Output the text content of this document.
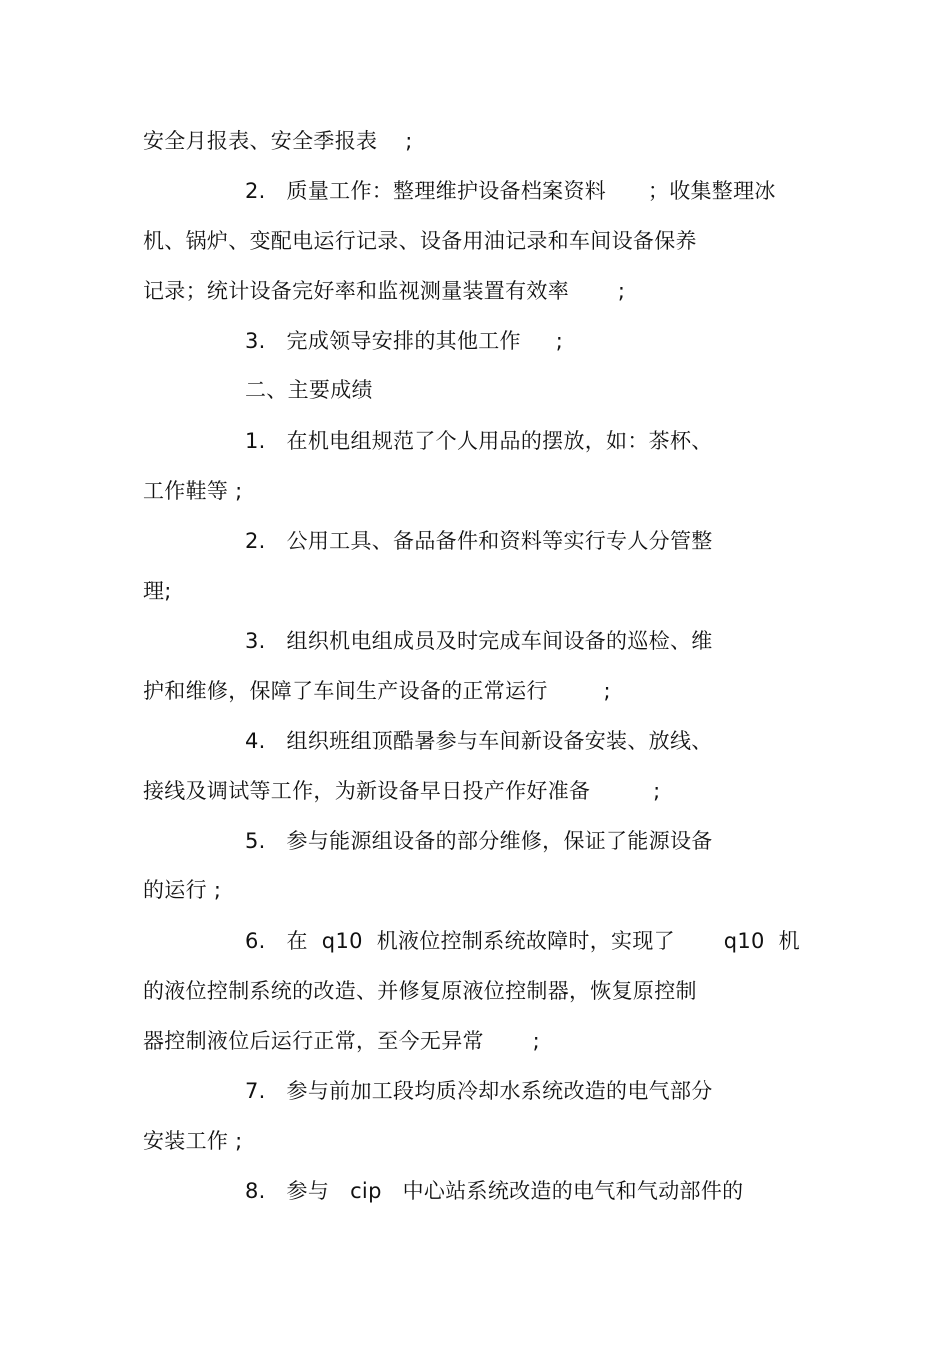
安全月报表、安全季报表    ;
2.   质量工作：整理维护设备档案资料      ；收集整理冰
机、锅炉、变配电运行记录、设备用油记录和车间设备保养
记录；统计设备完好率和监视测量装置有效率       ;
3.   完成领导安排的其他工作     ;
二、主要成绩
1.   在机电组规范了个人用品的摆放，如：茶杯、
工作鞋等 ;
2.   公用工具、备品备件和资料等实行专人分管整
理;
3.   组织机电组成员及时完成车间设备的巡检、维
护和维修，保障了车间生产设备的正常运行        ;
4.   组织班组顶酷暑参与车间新设备安装、放线、
接线及调试等工作，为新设备早日投产作好准备         ;
5.   参与能源组设备的部分维修，保证了能源设备
的运行 ;
6.   在  q10  机液位控制系统故障时，实现了       q10  机
的液位控制系统的改造、并修复原液位控制器，恢复原控制
器控制液位后运行正常，至今无异常       ;
7.   参与前加工段均质冷却水系统改造的电气部分
安装工作 ;
8.   参与   cip   中心站系统改造的电气和气动部件的
